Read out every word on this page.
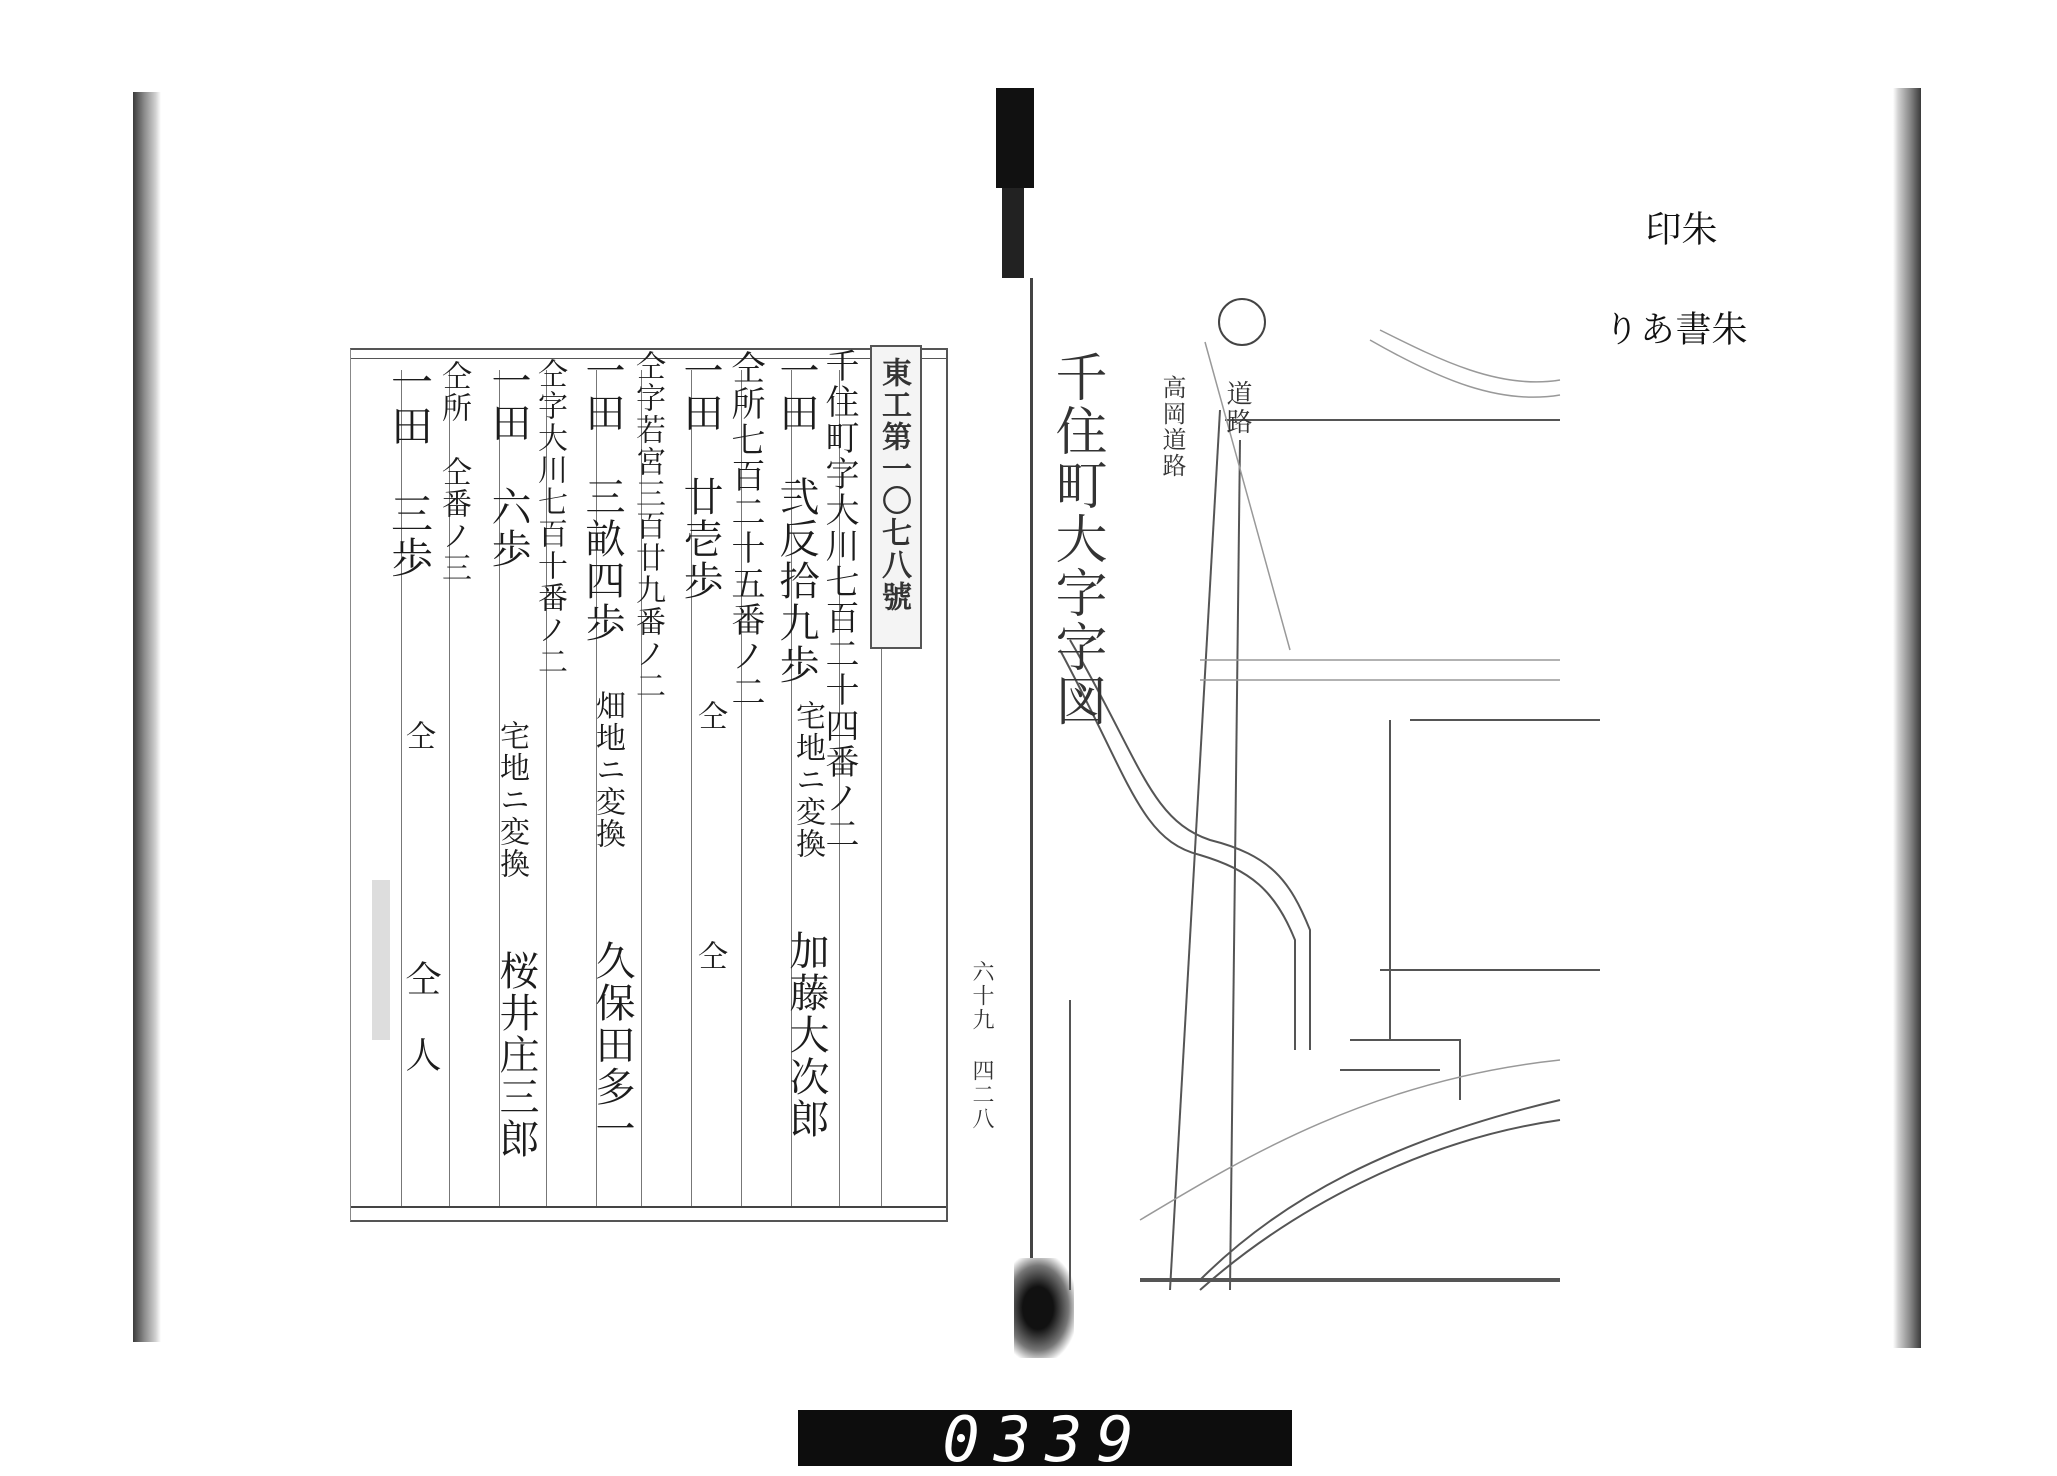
東工第一〇七八號
千住町字大川七百二十四番ノ二
一田　弐反拾九歩
宅地ニ変換
加藤大次郎
仝所七百二十五番ノ二
一田　廿壱歩
仝
仝
仝字若宮三百廿九番ノ二
一田　三畝四歩
畑地ニ変換
久保田多一
仝字大川七百十番ノ二
一田　六歩
宅地ニ変換
桜井庄三郎
仝所　仝番ノ三
一田　三歩
仝
仝　人
千住町大字字図 高岡道路 道路
六十九 四二八
朱印
朱書あり
0339
